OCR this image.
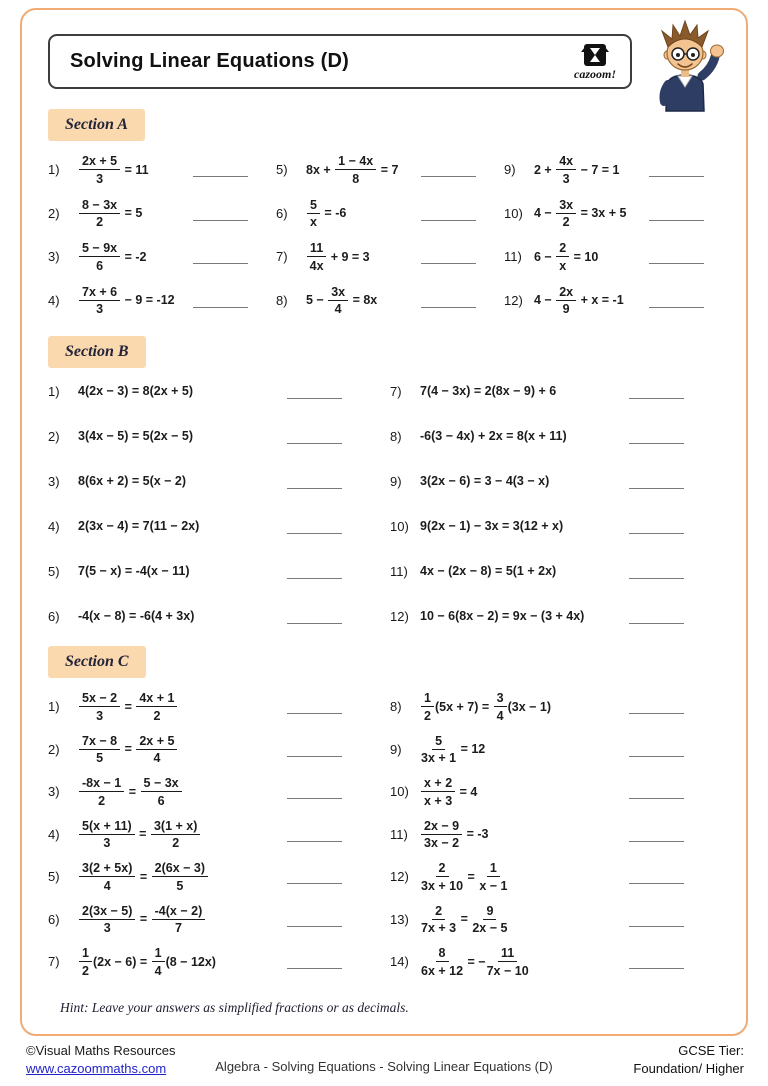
Solving Linear Equations (D)
cazoom!
Section A
1)	$\frac{2x + 5}{3} = 11$
2)	$\frac{8 - 3x}{2} = 5$
3)	$\frac{5 - 9x}{6} = -2$
4)	$\frac{7x + 6}{3} - 9 = -12$
5)	$8x + \frac{1 - 4x}{8} = 7$
6)	$\frac{5}{x} = -6$
7)	$\frac{11}{4x} + 9 = 3$
8)	$5 - \frac{3x}{4} = 8x$
9)	$2 + \frac{4x}{3} - 7 = 1$
10) $4 - \frac{3x}{2} = 3x + 5$
11) $6 - \frac{2}{x} = 10$
12) $4 - \frac{2x}{9} + x = -1$
Section B
1)	4(2x − 3) = 8(2x + 5)
2)	3(4x − 5) = 5(2x − 5)
3)	8(6x + 2) = 5(x − 2)
4)	2(3x − 4) = 7(11 − 2x)
5)	7(5 − x) = -4(x − 11)
6)	-4(x − 8) = -6(4 + 3x)
7)	7(4 − 3x) = 2(8x − 9) + 6
8)	-6(3 − 4x) + 2x = 8(x + 11)
9)	3(2x − 6) = 3 − 4(3 − x)
10) 9(2x − 1) − 3x = 3(12 + x)
11) 4x − (2x − 8) = 5(1 + 2x)
12) 10 − 6(8x − 2) = 9x − (3 + 4x)
Section C
1)	$\frac{5x - 2}{3} = \frac{4x + 1}{2}$
2)	$\frac{7x - 8}{5} = \frac{2x + 5}{4}$
3)	$\frac{-8x - 1}{2} = \frac{5 - 3x}{6}$
4)	$\frac{5(x + 11)}{3} = \frac{3(1 + x)}{2}$
5)	$\frac{3(2 + 5x)}{4} = \frac{2(6x - 3)}{5}$
6)	$\frac{2(3x - 5)}{3} = \frac{-4(x - 2)}{7}$
7)	$\frac{1}{2} (2x - 6) = \frac{1}{4} (8 - 12x)$
8)	$\frac{1}{2} (5x + 7) = \frac{3}{4} (3x - 1)$
9)	$\frac{5}{3x + 1} = 12$
$10) \frac{x + 2}{x + 3} = 4$
11)	$\frac{2x - 9}{3x - 2} = -3$
$12) \frac{2}{3x + 10} = \frac{1}{x - 1}$
$13) \frac{2}{7x + 3} = \frac{9}{2x - 5}$
$14) \frac{8}{6x + 12}$ = − $\frac{11}{7x - 10}$
Hint: Leave your answers as simplified fractions or as decimals.
©Visual Maths Resources
www.cazoommaths.com	Algebra - Solving Equations - Solving Linear Equations (D)
GCSE Tier:
Foundation/ Higher
